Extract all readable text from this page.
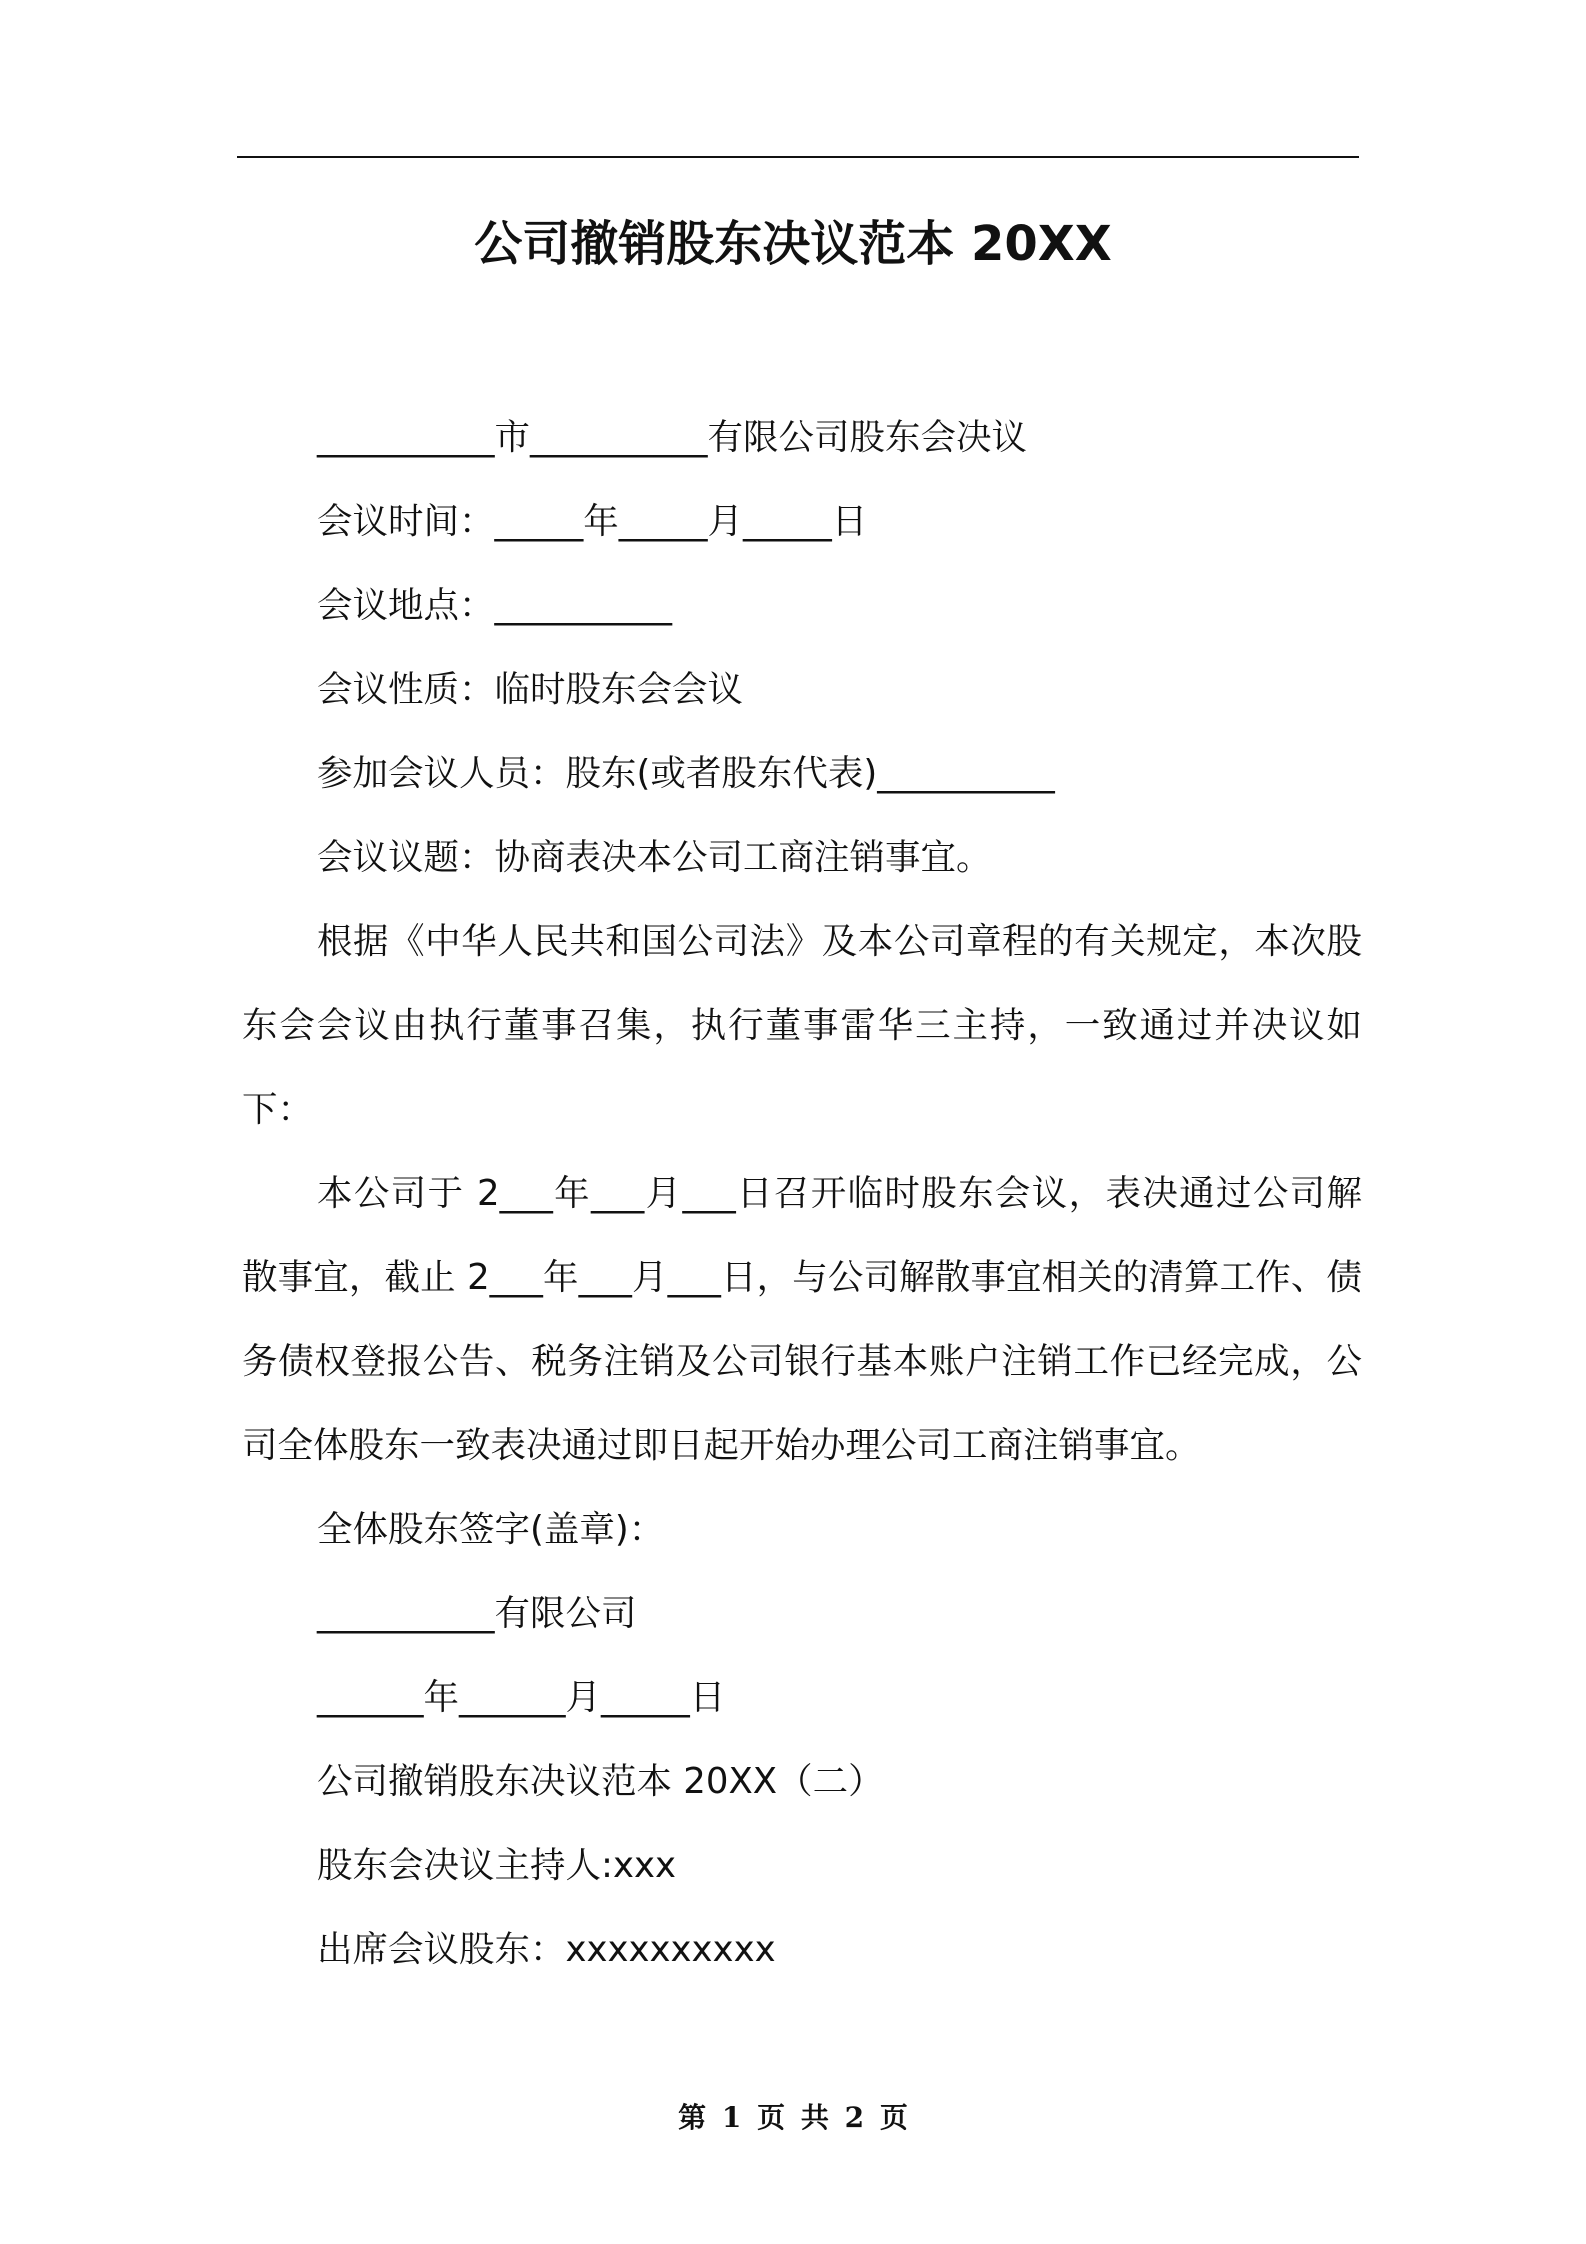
公司撤销股东决议范本 20XX

__________市__________有限公司股东会决议

会议时间：_____年_____月_____日

会议地点：__________

会议性质：临时股东会会议

参加会议人员：股东(或者股东代表)__________

会议议题：协商表决本公司工商注销事宜。

根据《中华人民共和国公司法》及本公司章程的有关规定，本次股东会会议由执行董事召集，执行董事雷华三主持，一致通过并决议如下：

本公司于 2___年___月___日召开临时股东会议，表决通过公司解散事宜，截止 2___年___月___日，与公司解散事宜相关的清算工作、债务债权登报公告、税务注销及公司银行基本账户注销工作已经完成，公司全体股东一致表决通过即日起开始办理公司工商注销事宜。

全体股东签字(盖章)：

__________有限公司

______年______月_____日

公司撤销股东决议范本 20XX（二）

股东会决议主持人:xxx

出席会议股东：xxxxxxxxxx

第 1 页 共 2 页
